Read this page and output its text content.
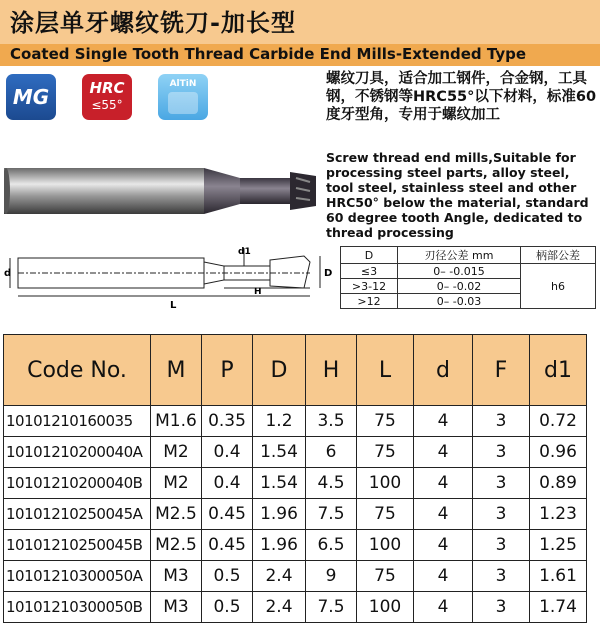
涂层单牙螺纹铣刀-加长型
Coated Single Tooth Thread Carbide End Mills-Extended Type
MG	HRC
≤55°
AlTiN	螺纹刀具，适合加工钢件，合金钢，工具钢，不锈钢等HRC55°以下材料，标准60度牙型角，专用于螺纹加工
Screw thread end mills,Suitable for processing steel parts, alloy steel, tool steel, stainless steel and other HRC50° below the material, standard 60 degree tooth Angle, dedicated to thread processing
d1
d	D
H
L
D	刃径公差 mm	柄部公差
≤3	0– -0.015	h6
>3-12	0– -0.02	
>12	0– -0.03	
Code No.	M	P	D	H	L	d	F	d1
10101210160035	M1.6	0.35	1.2	3.5	75	4	3	0.72
10101210200040A	M2	0.4	1.54	6	75	4	3	0.96
10101210200040B	M2	0.4	1.54	4.5	100	4	3	0.89
10101210250045A	M2.5	0.45	1.96	7.5	75	4	3	1.23
10101210250045B	M2.5	0.45	1.96	6.5	100	4	3	1.25
10101210300050A	M3	0.5	2.4	9	75	4	3	1.61
10101210300050B	M3	0.5	2.4	7.5	100	4	3	1.74
